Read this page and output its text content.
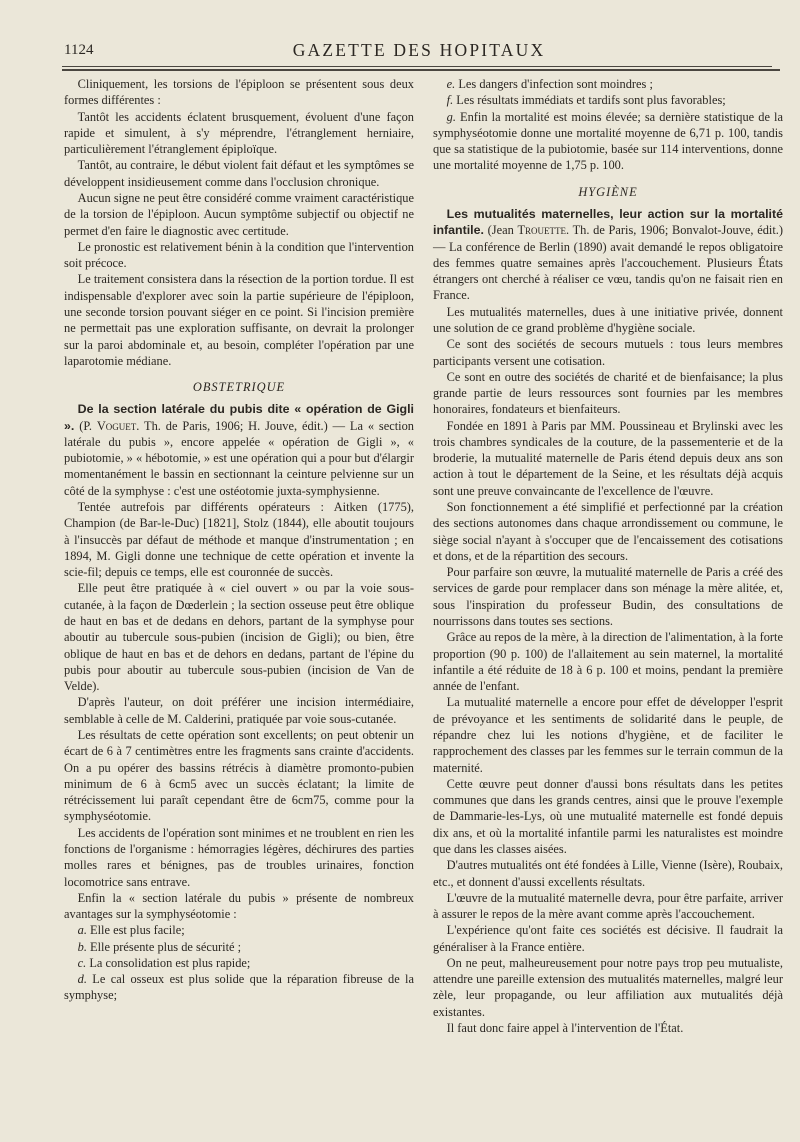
1124	GAZETTE DES HOPITAUX

Cliniquement, les torsions de l'épiploon se présentent sous deux formes différentes :

Tantôt les accidents éclatent brusquement, évoluent d'une façon rapide et simulent, à s'y méprendre, l'étranglement herniaire, particulièrement l'étranglement épiploïque.

Tantôt, au contraire, le début violent fait défaut et les symptômes se développent insidieusement comme dans l'occlusion chronique.

Aucun signe ne peut être considéré comme vraiment caractéristique de la torsion de l'épiploon. Aucun symptôme subjectif ou objectif ne permet d'en faire le diagnostic avec certitude.

Le pronostic est relativement bénin à la condition que l'intervention soit précoce.

Le traitement consistera dans la résection de la portion tordue. Il est indispensable d'explorer avec soin la partie supérieure de l'épiploon, une seconde torsion pouvant siéger en ce point. Si l'incision première ne permettait pas une exploration suffisante, on devrait la prolonger sur la paroi abdominale et, au besoin, compléter l'opération par une laparotomie médiane.

OBSTETRIQUE

De la section latérale du pubis dite « opération de Gigli ». (P. Voguet. Th. de Paris, 1906; H. Jouve, édit.) — La « section latérale du pubis », encore appelée « opération de Gigli », « pubiotomie, » « hébotomie, » est une opération qui a pour but d'élargir momentanément le bassin en sectionnant la ceinture pelvienne sur un côté de la symphyse : c'est une ostéotomie juxta-symphysienne.

Tentée autrefois par différents opérateurs : Aitken (1775), Champion (de Bar-le-Duc) [1821], Stolz (1844), elle aboutit toujours à l'insuccès par défaut de méthode et manque d'instrumentation ; en 1894, M. Gigli donne une technique de cette opération et invente la scie-fil; depuis ce temps, elle est couronnée de succès.

Elle peut être pratiquée à « ciel ouvert » ou par la voie sous-cutanée, à la façon de Dœderlein ; la section osseuse peut être oblique de haut en bas et de dedans en dehors, partant de la symphyse pour aboutir au tubercule sous-pubien (incision de Gigli); ou bien, être oblique de haut en bas et de dehors en dedans, partant de l'épine du pubis pour aboutir au tubercule sous-pubien (incision de Van de Velde).

D'après l'auteur, on doit préférer une incision intermédiaire, semblable à celle de M. Calderini, pratiquée par voie sous-cutanée.

Les résultats de cette opération sont excellents; on peut obtenir un écart de 6 à 7 centimètres entre les fragments sans crainte d'accidents. On a pu opérer des bassins rétrécis à diamètre promonto-pubien minimum de 6 à 6cm5 avec un succès éclatant; la limite de rétrécissement lui paraît cependant être de 6cm75, comme pour la symphyséotomie.

Les accidents de l'opération sont minimes et ne troublent en rien les fonctions de l'organisme : hémorragies légères, déchirures des parties molles rares et bénignes, pas de troubles urinaires, fonction locomotrice sans entrave.

Enfin la « section latérale du pubis » présente de nombreux avantages sur la symphyséotomie :

a. Elle est plus facile;

b. Elle présente plus de sécurité ;

c. La consolidation est plus rapide;

d. Le cal osseux est plus solide que la réparation fibreuse de la symphyse;

e. Les dangers d'infection sont moindres ;

f. Les résultats immédiats et tardifs sont plus favorables;

g. Enfin la mortalité est moins élevée; sa dernière statistique de la symphyséotomie donne une mortalité moyenne de 6,71 p. 100, tandis que sa statistique de la pubiotomie, basée sur 114 interventions, donne une mortalité moyenne de 1,75 p. 100.

HYGIÈNE

Les mutualités maternelles, leur action sur la mortalité infantile. (Jean Trouette. Th. de Paris, 1906; Bonvalot-Jouve, édit.) — La conférence de Berlin (1890) avait demandé le repos obligatoire des femmes quatre semaines après l'accouchement. Plusieurs États étrangers ont cherché à réaliser ce vœu, tandis qu'on ne faisait rien en France.

Les mutualités maternelles, dues à une initiative privée, donnent une solution de ce grand problème d'hygiène sociale.

Ce sont des sociétés de secours mutuels : tous leurs membres participants versent une cotisation.

Ce sont en outre des sociétés de charité et de bienfaisance; la plus grande partie de leurs ressources sont fournies par les membres honoraires, fondateurs et bienfaiteurs.

Fondée en 1891 à Paris par MM. Poussineau et Brylinski avec les trois chambres syndicales de la couture, de la passementerie et de la broderie, la mutualité maternelle de Paris étend depuis deux ans son action à tout le département de la Seine, et les résultats déjà acquis sont une preuve convaincante de l'excellence de l'œuvre.

Son fonctionnement a été simplifié et perfectionné par la création des sections autonomes dans chaque arrondissement ou commune, le siège social n'ayant à s'occuper que de l'encaissement des cotisations et dons, et de la répartition des secours.

Pour parfaire son œuvre, la mutualité maternelle de Paris a créé des services de garde pour remplacer dans son ménage la mère alitée, et, sous l'inspiration du professeur Budin, des consultations de nourrissons dans toutes ses sections.

Grâce au repos de la mère, à la direction de l'alimentation, à la forte proportion (90 p. 100) de l'allaitement au sein maternel, la mortalité infantile a été réduite de 18 à 6 p. 100 et moins, pendant la première année de l'enfant.

La mutualité maternelle a encore pour effet de développer l'esprit de prévoyance et les sentiments de solidarité dans le peuple, de répandre chez lui les notions d'hygiène, et de faciliter le rapprochement des classes par les femmes sur le terrain commun de la maternité.

Cette œuvre peut donner d'aussi bons résultats dans les petites communes que dans les grands centres, ainsi que le prouve l'exemple de Dammarie-les-Lys, où une mutualité maternelle est fondé depuis dix ans, et où la mortalité infantile parmi les naturalistes est moindre que dans les classes aisées.

D'autres mutualités ont été fondées à Lille, Vienne (Isère), Roubaix, etc., et donnent d'aussi excellents résultats.

L'œuvre de la mutualité maternelle devra, pour être parfaite, arriver à assurer le repos de la mère avant comme après l'accouchement.

L'expérience qu'ont faite ces sociétés est décisive. Il faudrait la généraliser à la France entière.

On ne peut, malheureusement pour notre pays trop peu mutualiste, attendre une pareille extension des mutualités maternelles, malgré leur zèle, leur propagande, ou leur affiliation aux mutualités déjà existantes.

Il faut donc faire appel à l'intervention de l'État.
